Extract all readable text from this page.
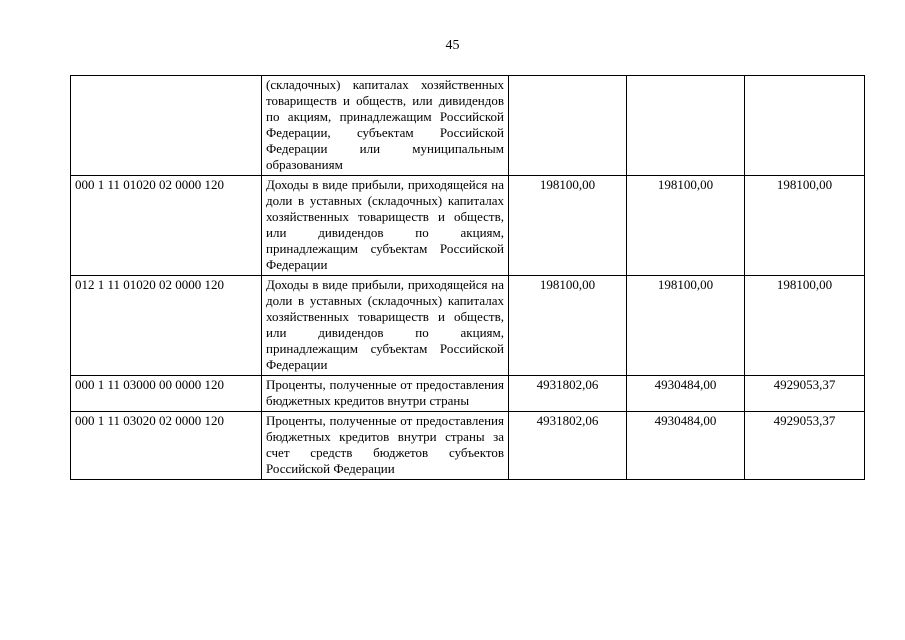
45
	(складочных) капиталах хозяйственных товариществ и обществ, или дивидендов по акциям, принадлежащим Российской Федерации, субъектам Российской Федерации или муниципальным образованиям			
000 1 11 01020 02 0000 120	Доходы в виде прибыли, приходящейся на доли в уставных (складочных) капиталах хозяйственных товариществ и обществ, или дивидендов по акциям, принадлежащим субъектам Российской Федерации	198100,00	198100,00	198100,00
012 1 11 01020 02 0000 120	Доходы в виде прибыли, приходящейся на доли в уставных (складочных) капиталах хозяйственных товариществ и обществ, или дивидендов по акциям, принадлежащим субъектам Российской Федерации	198100,00	198100,00	198100,00
000 1 11 03000 00 0000 120	Проценты, полученные от предоставления бюджетных кредитов внутри страны	4931802,06	4930484,00	4929053,37
000 1 11 03020 02 0000 120	Проценты, полученные от предоставления бюджетных кредитов внутри страны за счет средств бюджетов субъектов Российской Федерации	4931802,06	4930484,00	4929053,37
